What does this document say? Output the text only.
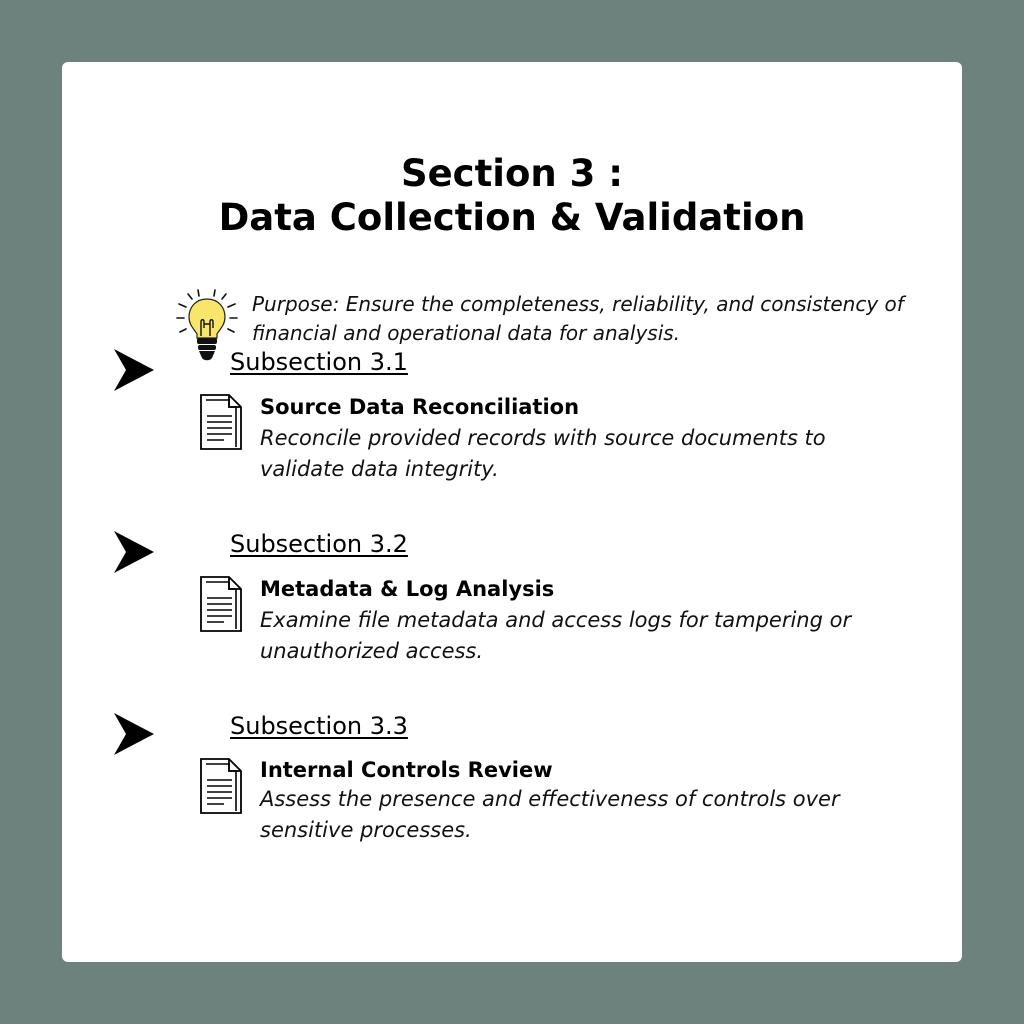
Section 3 :
Data Collection & Validation

Purpose: Ensure the completeness, reliability, and consistency of financial and operational data for analysis.

Subsection 3.1
Source Data Reconciliation

Reconcile provided records with source documents to validate data integrity.

Subsection 3.2
Metadata & Log Analysis

Examine file metadata and access logs for tampering or unauthorized access.

Subsection 3.3
Internal Controls Review

Assess the presence and effectiveness of controls over sensitive processes.
